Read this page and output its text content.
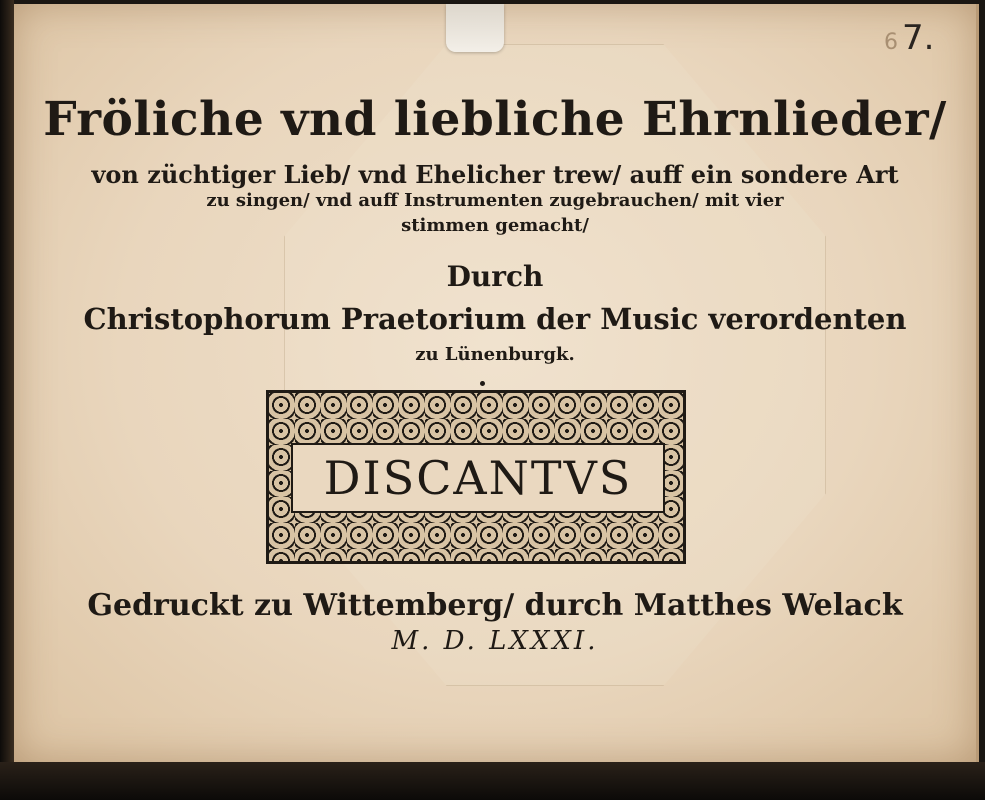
6 7.
Fröliche vnd liebliche Ehrnlieder/
von züchtiger Lieb/ vnd Ehelicher trew/ auff ein sondere Art
zu singen/ vnd auff Instrumenten zugebrauchen/ mit vier
stimmen gemacht/
Durch
Christophorum Praetorium der Music verordenten
zu Lünenburgk.
DISCANTVS
Gedruckt zu Wittemberg/ durch Matthes Welack
M. D. LXXXI.
